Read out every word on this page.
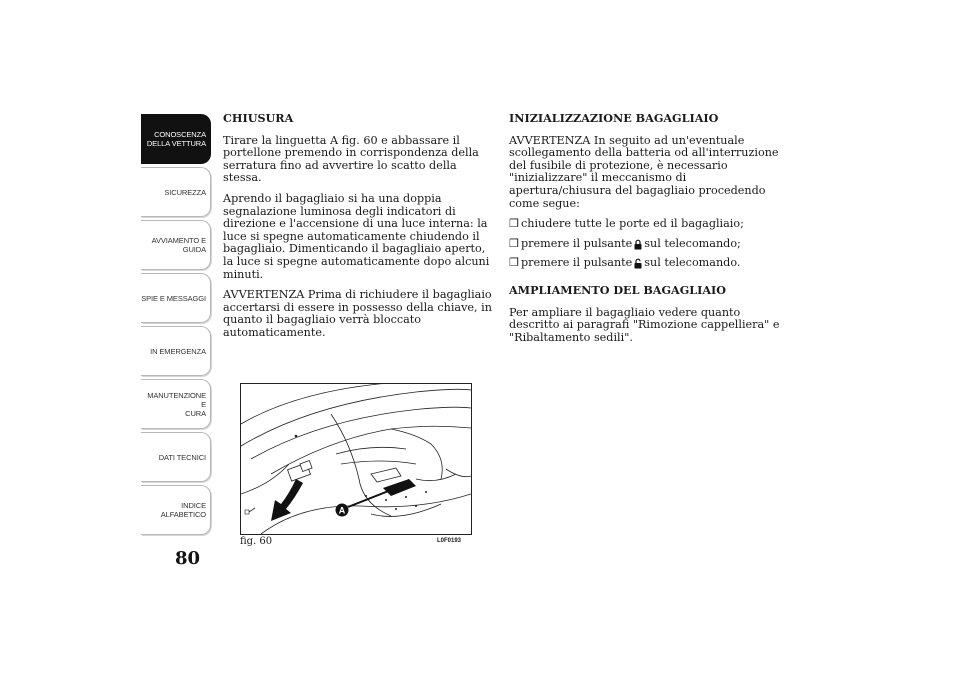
CONOSCENZA
DELLA VETTURA
SICUREZZA
AVVIAMENTO E
GUIDA
SPIE E MESSAGGI
IN EMERGENZA
MANUTENZIONE E
CURA
DATI TECNICI
INDICE
ALFABETICO
80

CHIUSURA

Tirare la linguetta A fig. 60 e abbassare il portellone premendo in corrispondenza della serratura fino ad avvertire lo scatto della stessa.

Aprendo il bagagliaio si ha una doppia segnalazione luminosa degli indicatori di direzione e l'accensione di una luce interna: la luce si spegne automaticamente chiudendo il bagagliaio. Dimenticando il bagagliaio aperto, la luce si spegne automaticamente dopo alcuni minuti.

AVVERTENZA Prima di richiudere il bagagliaio accertarsi di essere in possesso della chiave, in quanto il bagagliaio verrà bloccato automaticamente.

INIZIALIZZAZIONE BAGAGLIAIO

AVVERTENZA In seguito ad un'eventuale scollegamento della batteria od all'interruzione del fusibile di protezione, è necessario "inizializzare" il meccanismo di apertura/chiusura del bagagliaio procedendo come segue:

❒ chiudere tutte le porte ed il bagagliaio;
❒ premere il pulsante sul telecomando;
❒ premere il pulsante sul telecomando.

AMPLIAMENTO DEL BAGAGLIAIO

Per ampliare il bagagliaio vedere quanto descritto ai paragrafi "Rimozione cappelliera" e "Ribaltamento sedili".

A
fig. 60	L0F0193
